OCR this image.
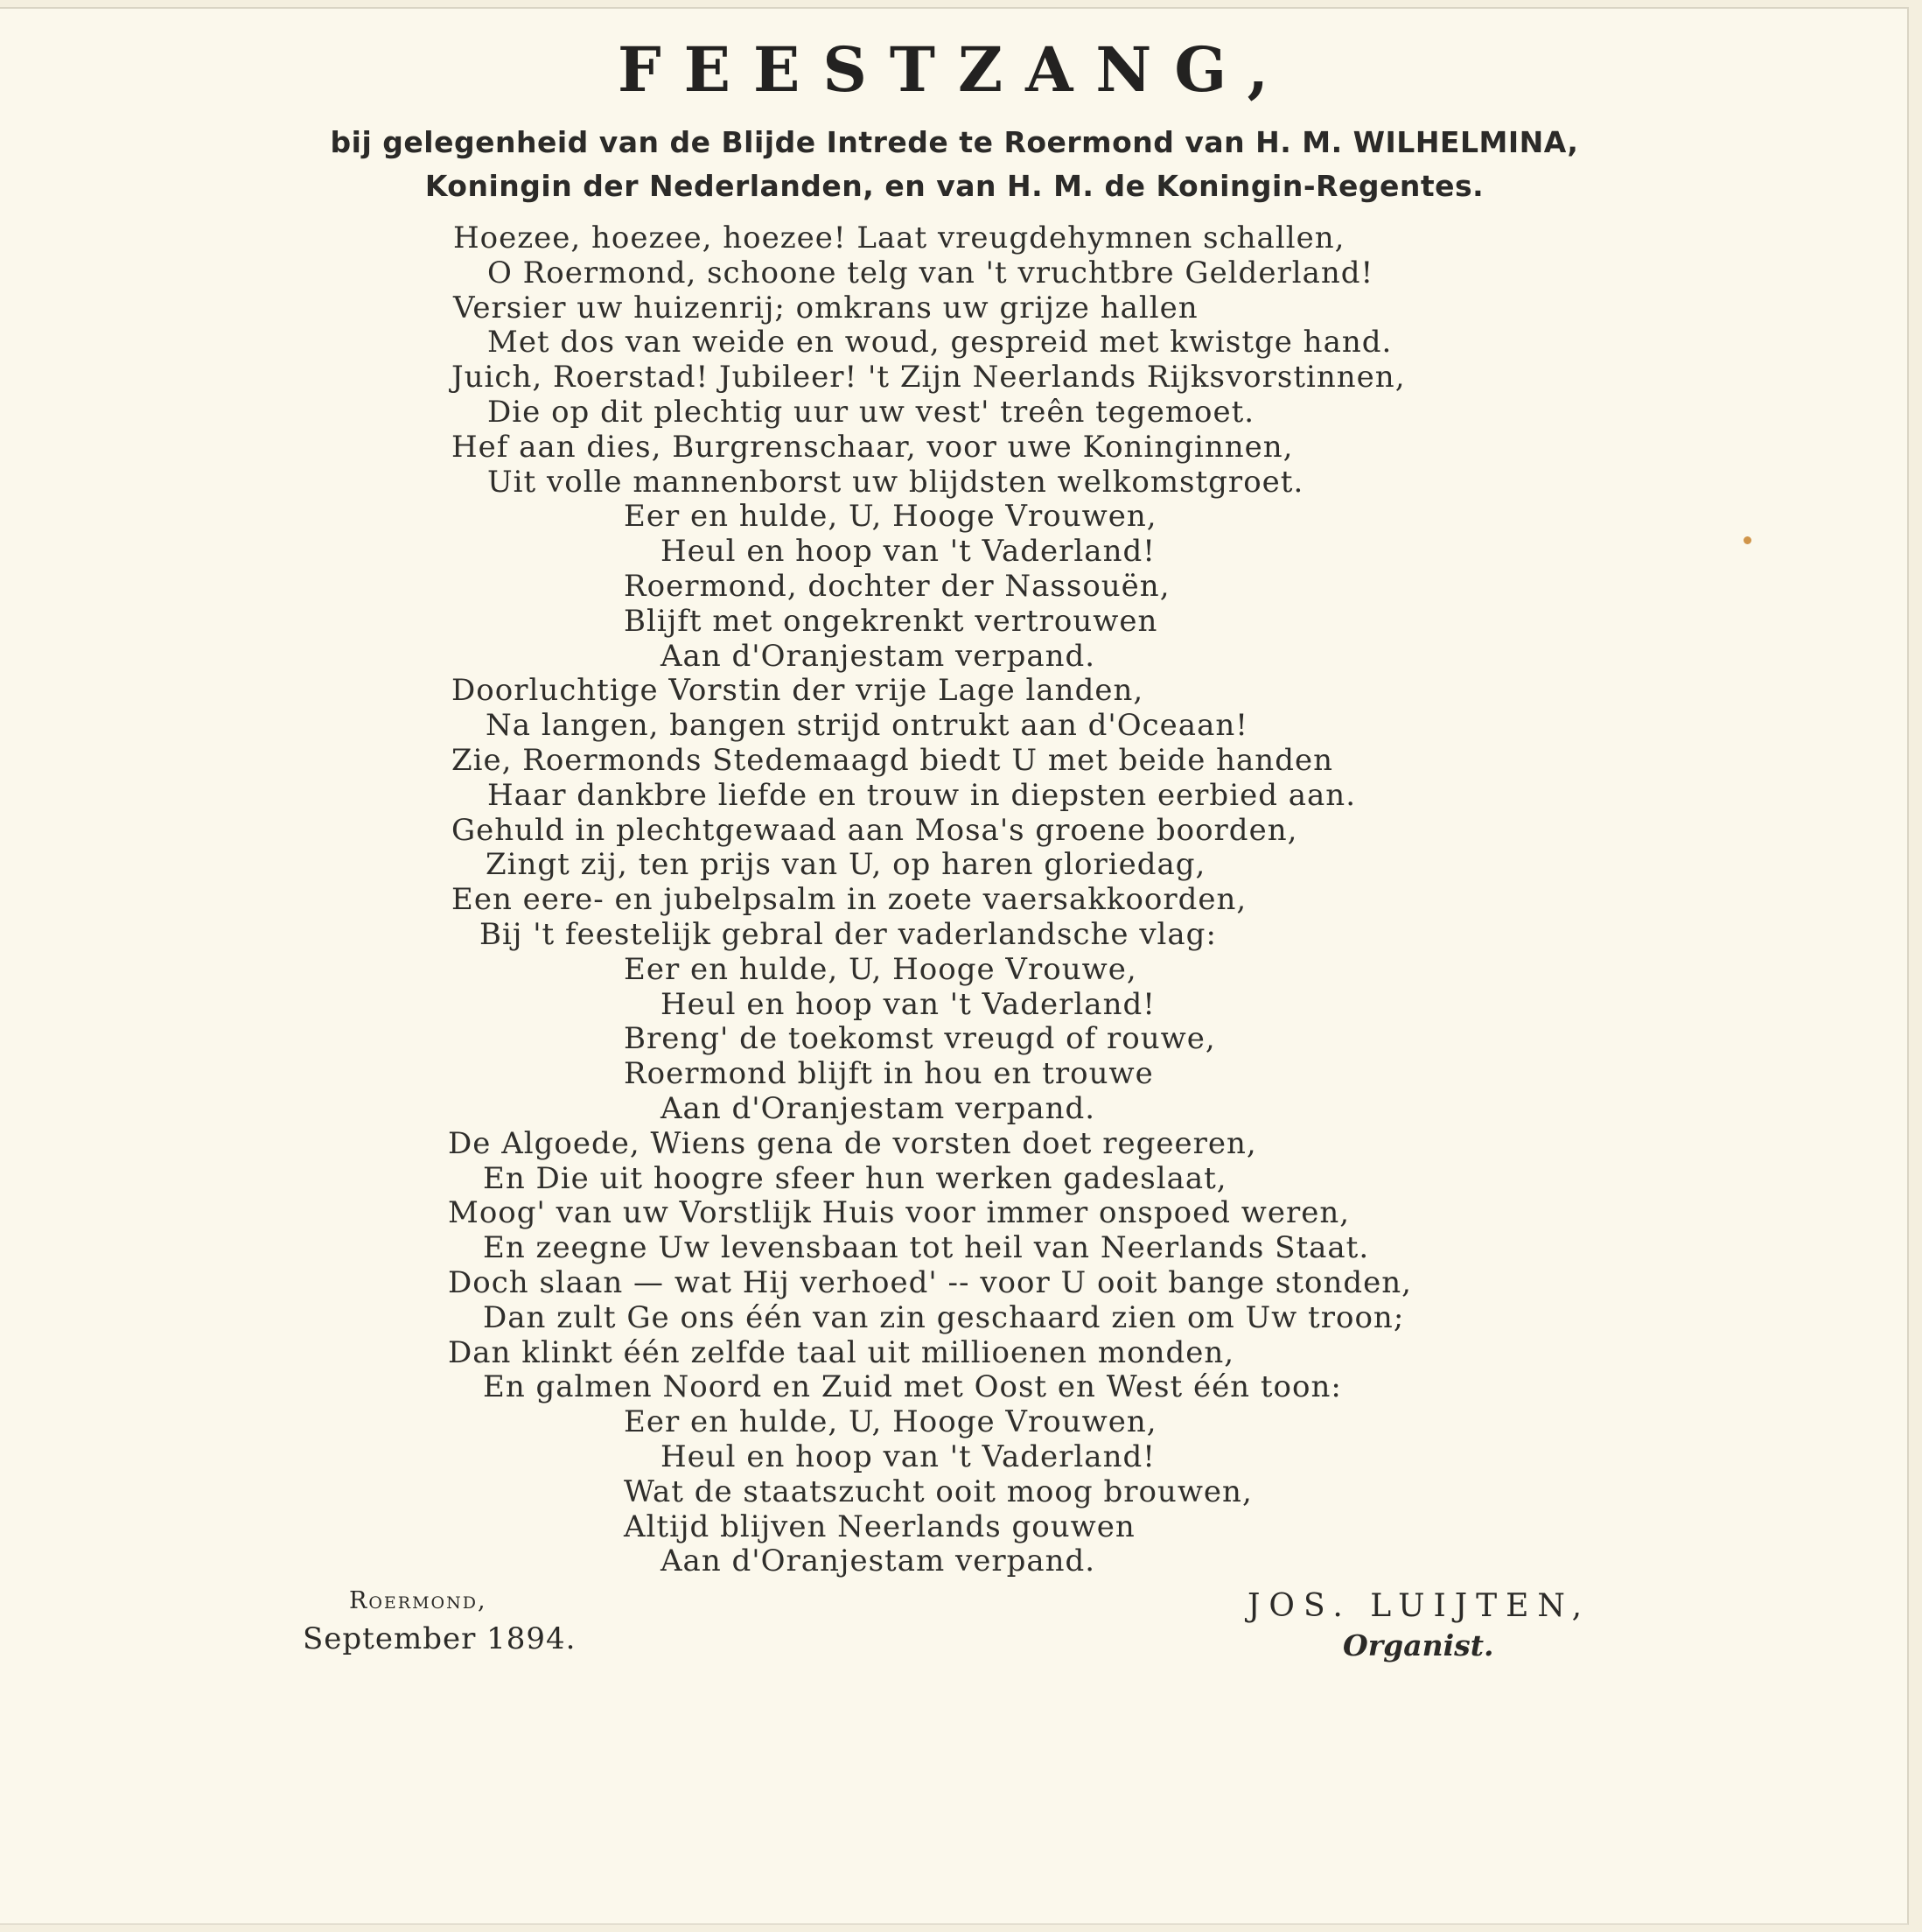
FEESTZANG,
bij gelegenheid van de Blijde Intrede te Roermond van H. M. WILHELMINA,
Koningin der Nederlanden, en van H. M. de Koningin-Regentes.
Hoezee, hoezee, hoezee! Laat vreugdehymnen schallen,
O Roermond, schoone telg van 't vruchtbre Gelderland!
Versier uw huizenrij; omkrans uw grijze hallen
Met dos van weide en woud, gespreid met kwistge hand.
Juich, Roerstad! Jubileer! 't Zijn Neerlands Rijksvorstinnen,
Die op dit plechtig uur uw vest' treên tegemoet.
Hef aan dies, Burgrenschaar, voor uwe Koninginnen,
Uit volle mannenborst uw blijdsten welkomstgroet.
Eer en hulde, U, Hooge Vrouwen,
Heul en hoop van 't Vaderland!
Roermond, dochter der Nassouën,
Blijft met ongekrenkt vertrouwen
Aan d'Oranjestam verpand.
Doorluchtige Vorstin der vrije Lage landen,
Na langen, bangen strijd ontrukt aan d'Oceaan!
Zie, Roermonds Stedemaagd biedt U met beide handen
Haar dankbre liefde en trouw in diepsten eerbied aan.
Gehuld in plechtgewaad aan Mosa's groene boorden,
Zingt zij, ten prijs van U, op haren gloriedag,
Een eere- en jubelpsalm in zoete vaersakkoorden,
Bij 't feestelijk gebral der vaderlandsche vlag:
Eer en hulde, U, Hooge Vrouwe,
Heul en hoop van 't Vaderland!
Breng' de toekomst vreugd of rouwe,
Roermond blijft in hou en trouwe
Aan d'Oranjestam verpand.
De Algoede, Wiens gena de vorsten doet regeeren,
En Die uit hoogre sfeer hun werken gadeslaat,
Moog' van uw Vorstlijk Huis voor immer onspoed weren,
En zeegne Uw levensbaan tot heil van Neerlands Staat.
Doch slaan — wat Hij verhoed' -- voor U ooit bange stonden,
Dan zult Ge ons één van zin geschaard zien om Uw troon;
Dan klinkt één zelfde taal uit millioenen monden,
En galmen Noord en Zuid met Oost en West één toon:
Eer en hulde, U, Hooge Vrouwen,
Heul en hoop van 't Vaderland!
Wat de staatszucht ooit moog brouwen,
Altijd blijven Neerlands gouwen
Aan d'Oranjestam verpand.
Roermond,
September 1894.
JOS. LUIJTEN,
Organist.
